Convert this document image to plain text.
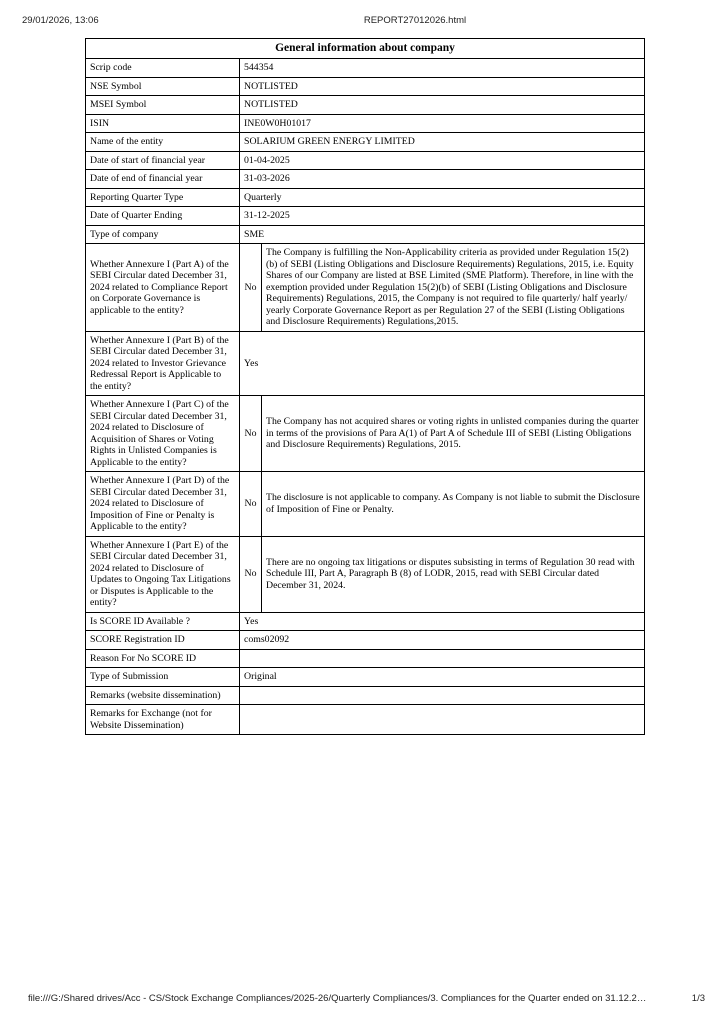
29/01/2026, 13:06	REPORT27012026.html
General information about company		
Scrip code	544354	
NSE Symbol	NOTLISTED	
MSEI Symbol	NOTLISTED	
ISIN	INE0W0H01017	
Name of the entity	SOLARIUM GREEN ENERGY LIMITED	
Date of start of financial year	01-04-2025	
Date of end of financial year	31-03-2026	
Reporting Quarter Type	Quarterly	
Date of Quarter Ending	31-12-2025	
Type of company	SME	
Whether Annexure I (Part A) of the SEBI Circular dated December 31, 2024 related to Compliance Report on Corporate Governance is applicable to the entity?	No	The Company is fulfilling the Non-Applicability criteria as provided under Regulation 15(2)(b) of SEBI (Listing Obligations and Disclosure Requirements) Regulations, 2015, i.e. Equity Shares of our Company are listed at BSE Limited (SME Platform). Therefore, in line with the exemption provided under Regulation 15(2)(b) of SEBI (Listing Obligations and Disclosure Requirements) Regulations, 2015, the Company is not required to file quarterly/ half yearly/ yearly Corporate Governance Report as per Regulation 27 of the SEBI (Listing Obligations and Disclosure Requirements) Regulations,2015.
Whether Annexure I (Part B) of the SEBI Circular dated December 31, 2024 related to Investor Grievance Redressal Report is Applicable to the entity?	Yes	
Whether Annexure I (Part C) of the SEBI Circular dated December 31, 2024 related to Disclosure of Acquisition of Shares or Voting Rights in Unlisted Companies is Applicable to the entity?	No	The Company has not acquired shares or voting rights in unlisted companies during the quarter in terms of the provisions of Para A(1) of Part A of Schedule III of SEBI (Listing Obligations and Disclosure Requirements) Regulations, 2015.
Whether Annexure I (Part D) of the SEBI Circular dated December 31, 2024 related to Disclosure of Imposition of Fine or Penalty is Applicable to the entity?	No	The disclosure is not applicable to company. As Company is not liable to submit the Disclosure of Imposition of Fine or Penalty.
Whether Annexure I (Part E) of the SEBI Circular dated December 31, 2024 related to Disclosure of Updates to Ongoing Tax Litigations or Disputes is Applicable to the entity?	No	There are no ongoing tax litigations or disputes subsisting in terms of Regulation 30 read with Schedule III, Part A, Paragraph B (8) of LODR, 2015, read with SEBI Circular dated December 31, 2024.
Is SCORE ID Available ?	Yes	
SCORE Registration ID	coms02092	
Reason For No SCORE ID		
Type of Submission	Original	
Remarks (website dissemination)		
Remarks for Exchange (not for Website Dissemination)		
file:///G:/Shared drives/Acc - CS/Stock Exchange Compliances/2025-26/Quarterly Compliances/3. Compliances for the Quarter ended on 31.12.2…	1/3
